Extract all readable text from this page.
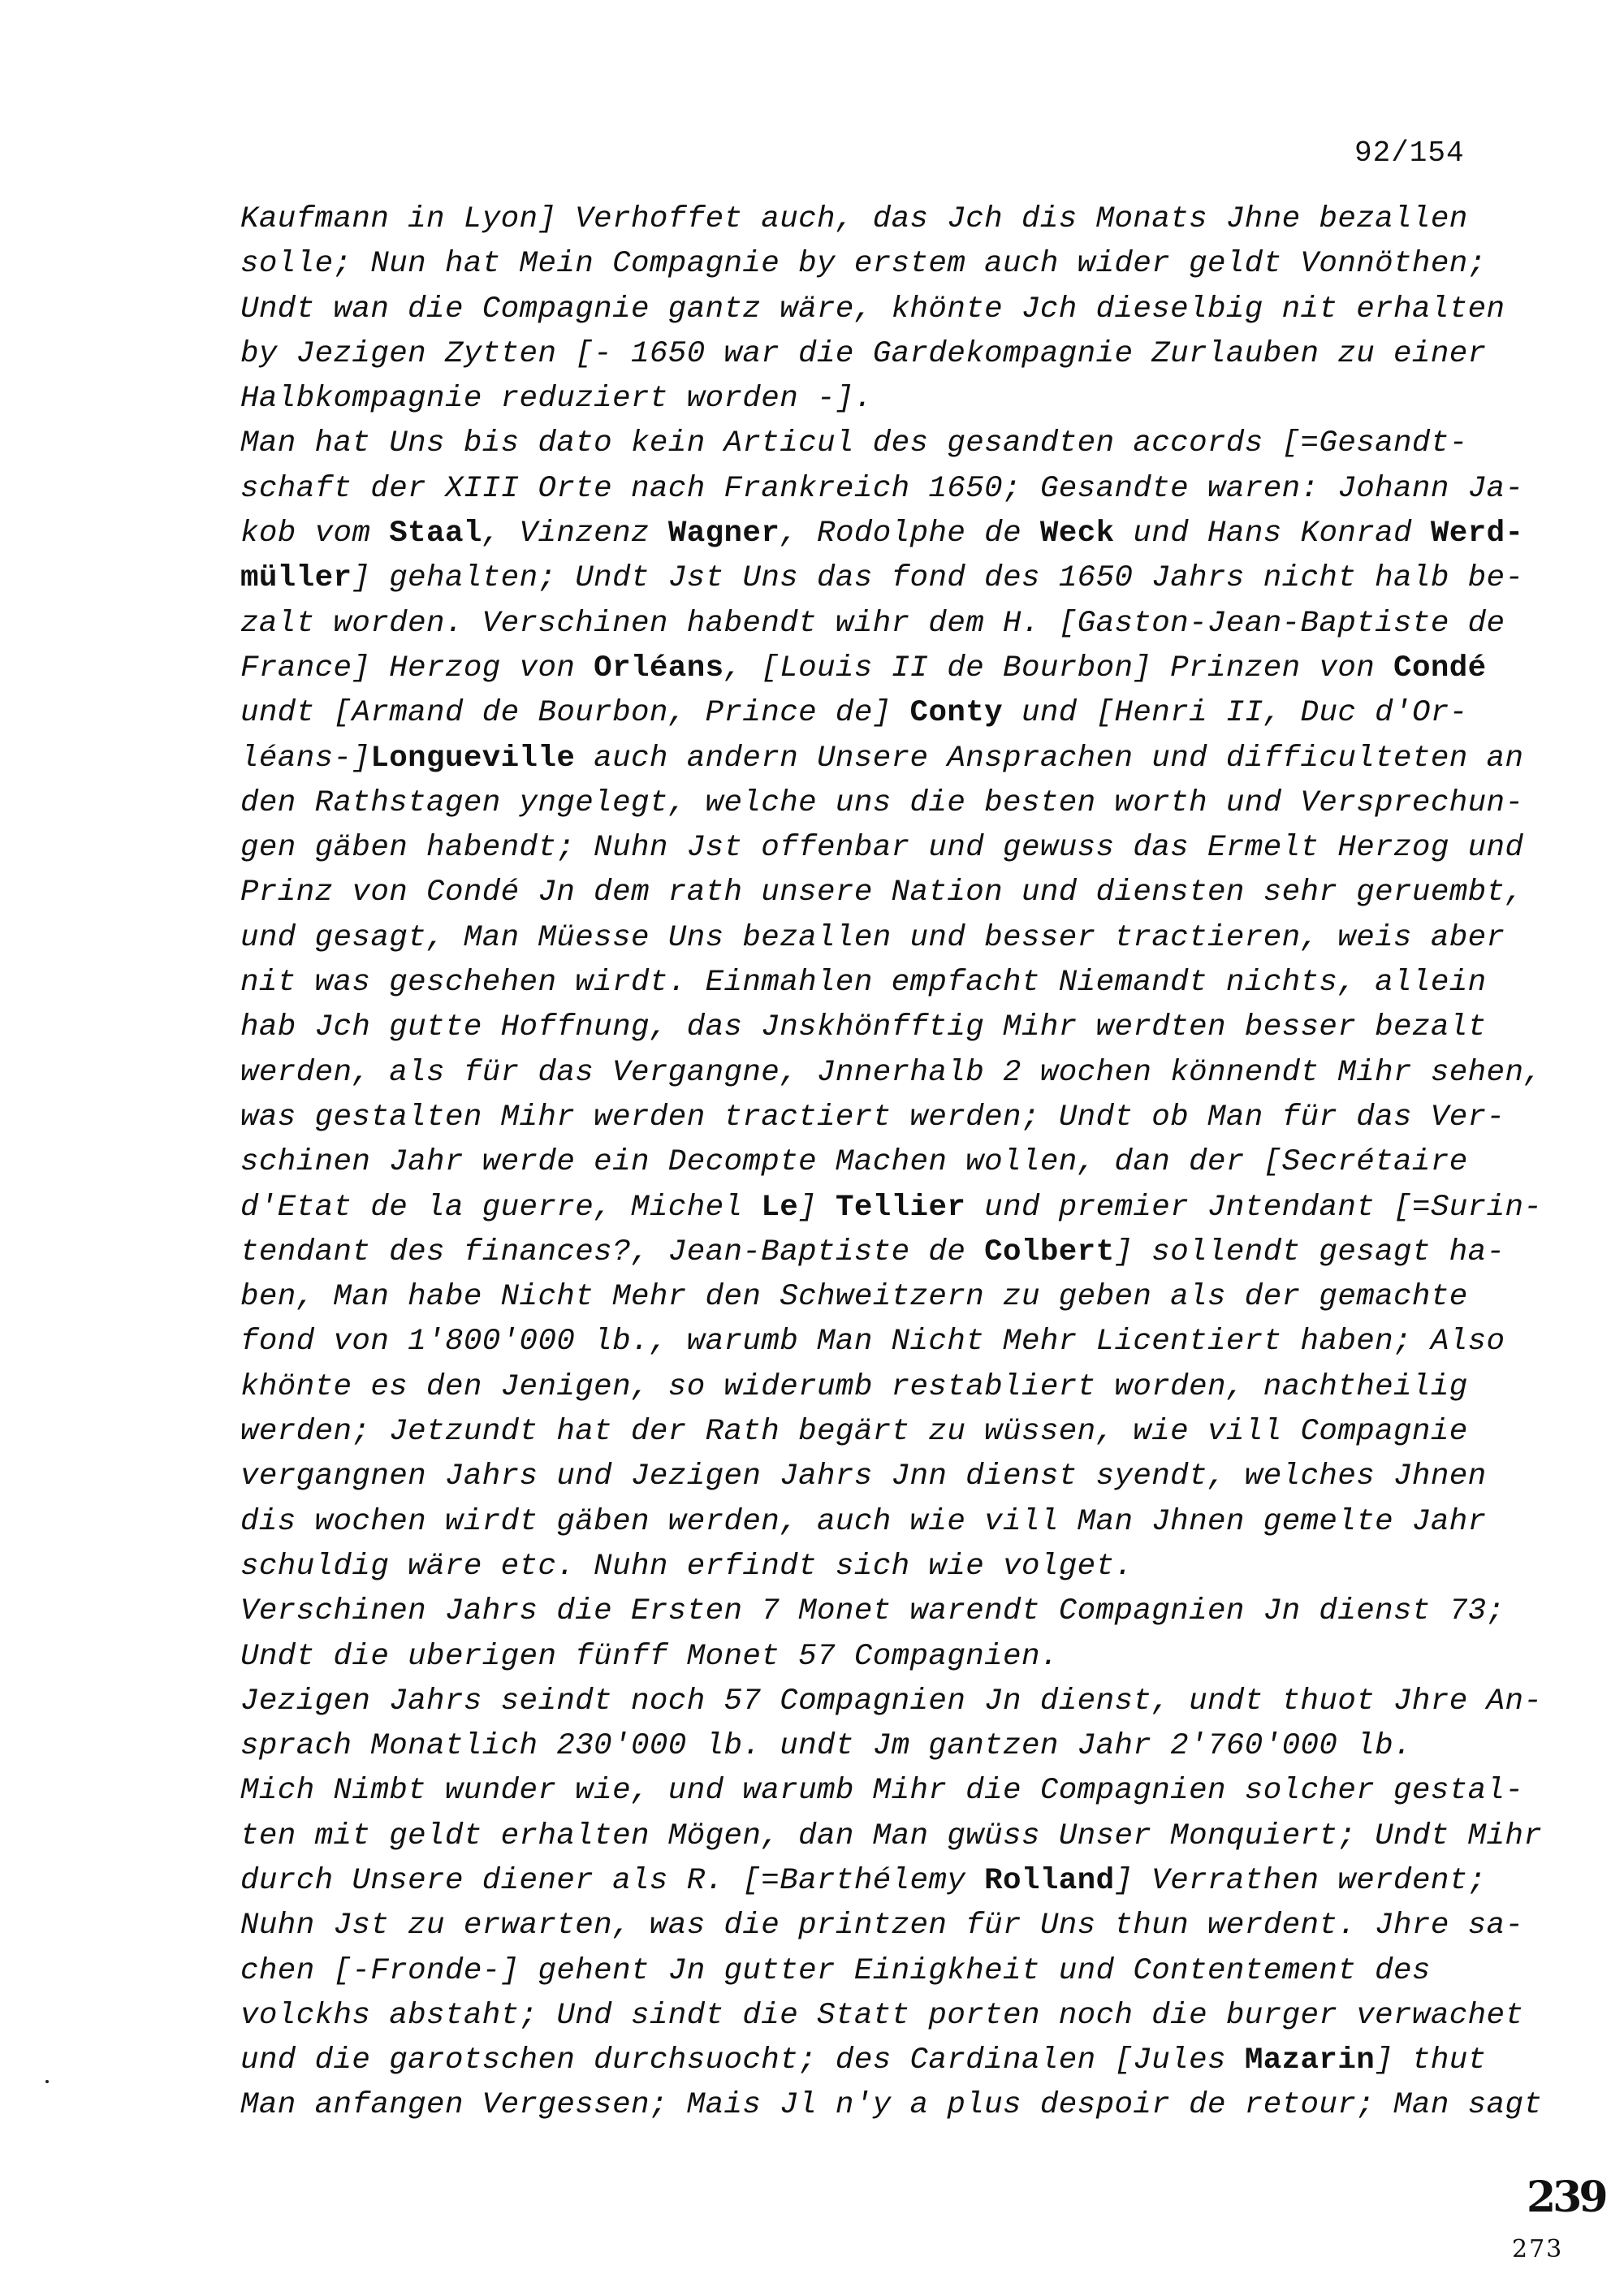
92/154
Kaufmann in Lyon] Verhoffet auch, das Jch dis Monats Jhne bezallen
solle; Nun hat Mein Compagnie by erstem auch wider geldt Vonnöthen;
Undt wan die Compagnie gantz wäre, khönte Jch dieselbig nit erhalten
by Jezigen Zytten [- 1650 war die Gardekompagnie Zurlauben zu einer
Halbkompagnie reduziert worden -].
Man hat Uns bis dato kein Articul des gesandten accords [=Gesandt-
schaft der XIII Orte nach Frankreich 1650; Gesandte waren: Johann Ja-
kob vom Staal, Vinzenz Wagner, Rodolphe de Weck und Hans Konrad Werd-
müller] gehalten; Undt Jst Uns das fond des 1650 Jahrs nicht halb be-
zalt worden. Verschinen habendt wihr dem H. [Gaston-Jean-Baptiste de
France] Herzog von Orléans, [Louis II de Bourbon] Prinzen von Condé
undt [Armand de Bourbon, Prince de] Conty und [Henri II, Duc d'Or-
léans-]Longueville auch andern Unsere Ansprachen und difficulteten an
den Rathstagen yngelegt, welche uns die besten worth und Versprechun-
gen gäben habendt; Nuhn Jst offenbar und gewuss das Ermelt Herzog und
Prinz von Condé Jn dem rath unsere Nation und diensten sehr geruembt,
und gesagt, Man Müesse Uns bezallen und besser tractieren, weis aber
nit was geschehen wirdt. Einmahlen empfacht Niemandt nichts, allein
hab Jch gutte Hoffnung, das Jnskhönfftig Mihr werdten besser bezalt
werden, als für das Vergangne, Jnnerhalb 2 wochen könnendt Mihr sehen,
was gestalten Mihr werden tractiert werden; Undt ob Man für das Ver-
schinen Jahr werde ein Decompte Machen wollen, dan der [Secrétaire
d'Etat de la guerre, Michel Le] Tellier und premier Jntendant [=Surin-
tendant des finances?, Jean-Baptiste de Colbert] sollendt gesagt ha-
ben, Man habe Nicht Mehr den Schweitzern zu geben als der gemachte
fond von 1'800'000 lb., warumb Man Nicht Mehr Licentiert haben; Also
khönte es den Jenigen, so widerumb restabliert worden, nachtheilig
werden; Jetzundt hat der Rath begärt zu wüssen, wie vill Compagnie
vergangnen Jahrs und Jezigen Jahrs Jnn dienst syendt, welches Jhnen
dis wochen wirdt gäben werden, auch wie vill Man Jhnen gemelte Jahr
schuldig wäre etc. Nuhn erfindt sich wie volget.
Verschinen Jahrs die Ersten 7 Monet warendt Compagnien Jn dienst 73;
Undt die uberigen fünff Monet 57 Compagnien.
Jezigen Jahrs seindt noch 57 Compagnien Jn dienst, undt thuot Jhre An-
sprach Monatlich 230'000 lb. undt Jm gantzen Jahr 2'760'000 lb.
Mich Nimbt wunder wie, und warumb Mihr die Compagnien solcher gestal-
ten mit geldt erhalten Mögen, dan Man gwüss Unser Monquiert; Undt Mihr
durch Unsere diener als R. [=Barthélemy Rolland] Verrathen werdent;
Nuhn Jst zu erwarten, was die printzen für Uns thun werdent. Jhre sa-
chen [-Fronde-] gehent Jn gutter Einigkheit und Contentement des
volckhs abstaht; Und sindt die Statt porten noch die burger verwachet
und die garotschen durchsuocht; des Cardinalen [Jules Mazarin] thut
Man anfangen Vergessen; Mais Jl n'y a plus despoir de retour; Man sagt
239
273
